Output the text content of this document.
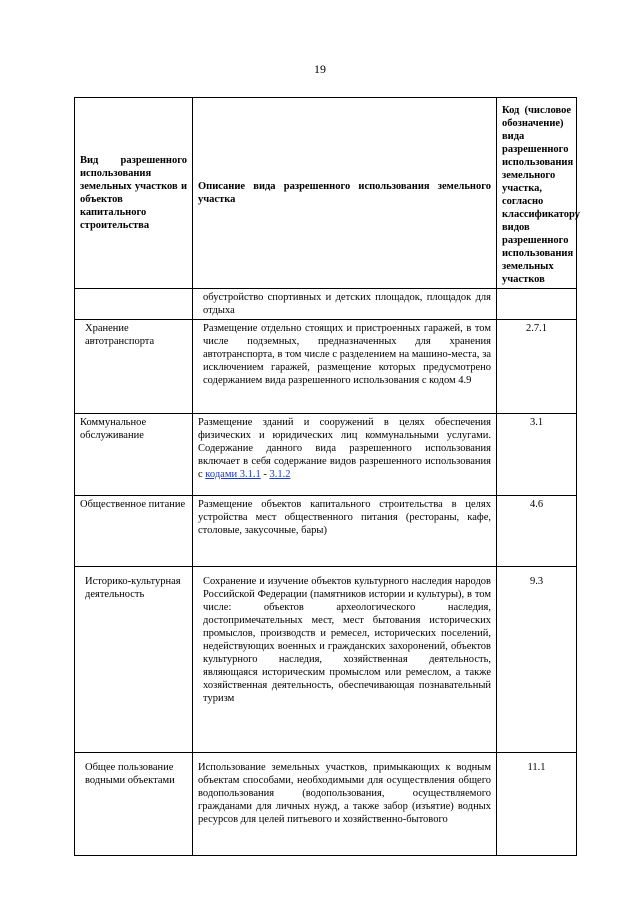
19
Вид разрешенного использования земельных участков и объектов капитального строительства	Описание вида разрешенного использования земельного участка	Код (числовое обозначение) вида разрешенного использования земельного участка, согласно классификатору видов разрешенного использования земельных участков
	обустройство спортивных и детских площадок, площадок для отдыха	
Хранение автотранспорта	Размещение отдельно стоящих и пристроенных гаражей, в том числе подземных, предназначенных для хранения автотранспорта, в том числе с разделением на машино-места, за исключением гаражей, размещение которых предусмотрено содержанием вида разрешенного использования с кодом 4.9	2.7.1
Коммунальное обслуживание	Размещение зданий и сооружений в целях обеспечения физических и юридических лиц коммунальными услугами. Содержание данного вида разрешенного использования включает в себя содержание видов разрешенного использования с кодами 3.1.1 - 3.1.2	3.1
Общественное питание	Размещение объектов капитального строительства в целях устройства мест общественного питания (рестораны, кафе, столовые, закусочные, бары)	4.6
Историко-культурная деятельность	Сохранение и изучение объектов культурного наследия народов Российской Федерации (памятников истории и культуры), в том числе: объектов археологического наследия, достопримечательных мест, мест бытования исторических промыслов, производств и ремесел, исторических поселений, недействующих военных и гражданских захоронений, объектов культурного наследия, хозяйственная деятельность, являющаяся историческим промыслом или ремеслом, а также хозяйственная деятельность, обеспечивающая познавательный туризм	9.3
Общее пользование водными объектами	Использование земельных участков, примыкающих к водным объектам способами, необходимыми для осуществления общего водопользования (водопользования, осуществляемого гражданами для личных нужд, а также забор (изъятие) водных ресурсов для целей питьевого и хозяйственно-бытового	11.1
